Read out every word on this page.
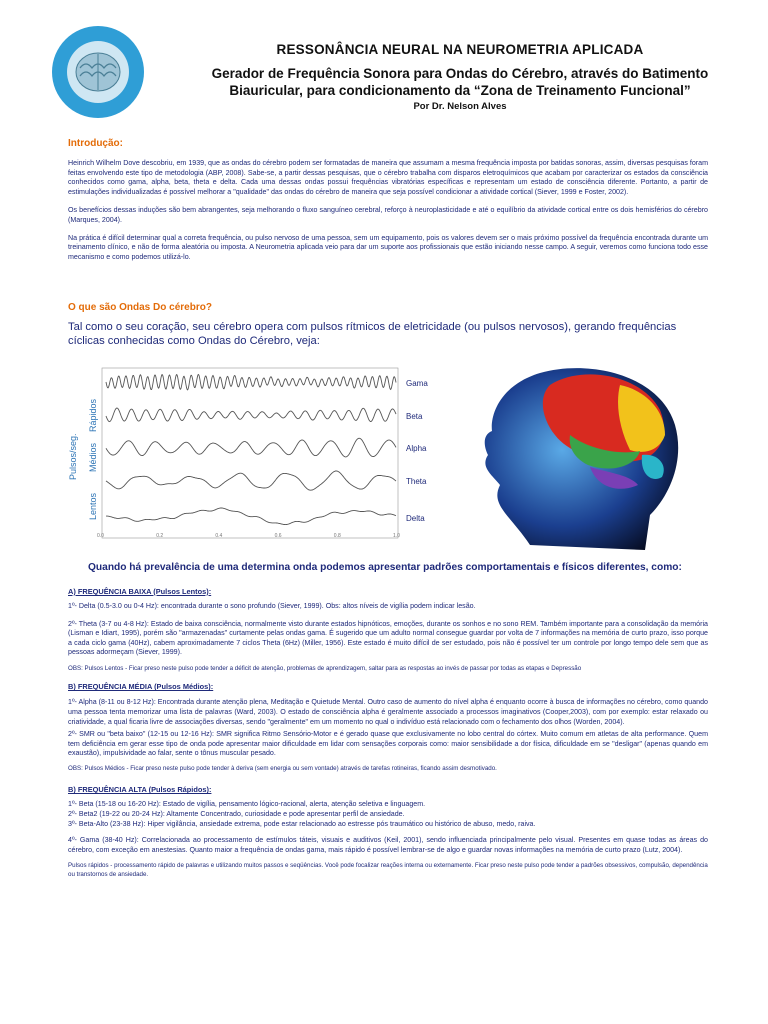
RESSONÂNCIA NEURAL NA NEUROMETRIA APLICADA
Gerador de Frequência Sonora para Ondas do Cérebro, através do Batimento
Biauricular, para condicionamento da “Zona de Treinamento Funcional”
Por Dr. Nelson Alves
Introdução:

Heinrich Wilhelm Dove descobriu, em 1939, que as ondas do cérebro podem ser formatadas de maneira que assumam a mesma frequência imposta por batidas sonoras, assim, diversas pesquisas foram feitas envolvendo este tipo de metodologia (ABP, 2008). Sabe-se, a partir dessas pesquisas, que o cérebro trabalha com disparos eletroquímicos que acabam por caracterizar os estados da consciência conhecidos como gama, alpha, beta, theta e delta. Cada uma dessas ondas possui frequências vibratórias específicas e representam um estado de consciência diferente. Portanto, a partir de estimulações individualizadas é possível melhorar a "qualidade" das ondas do cérebro de maneira que seja possível condicionar a atividade cortical (Siever, 1999 e Foster, 2002).

Os benefícios dessas induções são bem abrangentes, seja melhorando o fluxo sanguíneo cerebral, reforço à neuroplasticidade e até o equilíbrio da atividade cortical entre os dois hemisférios do cérebro (Marques, 2004).

Na prática é difícil determinar qual a correta frequência, ou pulso nervoso de uma pessoa, sem um equipamento, pois os valores devem ser o mais próximo possível da frequência encontrada durante um treinamento clínico, e não de forma aleatória ou imposta. A Neurometria aplicada veio para dar um suporte aos profissionais que estão iniciando nesse campo. A seguir, veremos como funciona todo esse mecanismo e como podemos utilizá-lo.

O que são Ondas Do cérebro?
Tal como o seu coração, seu cérebro opera com pulsos rítmicos de eletricidade (ou pulsos nervosos), gerando frequências cíclicas conhecidas como Ondas do Cérebro, veja:
Pulsos/seg.
Rápidos
Médios
Lentos
0.0	0.2	0.4	0.6	0.8	1.0
Gama
Beta
Alpha
Theta
Delta
Quando há prevalência de uma determina onda podemos apresentar padrões comportamentais e físicos diferentes, como:
A) FREQUÊNCIA BAIXA (Pulsos Lentos):

1º- Delta (0.5-3.0 ou 0-4 Hz): encontrada durante o sono profundo (Siever, 1999). Obs: altos níveis de vigília podem indicar lesão.

2º- Theta (3-7 ou 4-8 Hz): Estado de baixa consciência, normalmente visto durante estados hipnóticos, emoções, durante os sonhos e no sono REM. Também importante para a consolidação da memória (Lisman e Idiart, 1995), porém são "armazenadas" curtamente pelas ondas gama. É sugerido que um adulto normal consegue guardar por volta de 7 informações na memória de curto prazo, isso porque a cada ciclo gama (40Hz), cabem aproximadamente 7 ciclos Theta (6Hz) (Miller, 1956). Este estado é muito difícil de ser estudado, pois não é possível ter um controle por longo tempo dele sem que as pessoas adormeçam (Siever, 1999).

OBS: Pulsos Lentos - Ficar preso neste pulso pode tender a déficit de atenção, problemas de aprendizagem, saltar para as respostas ao invés de passar por todas as etapas e Depressão
B) FREQUÊNCIA MÉDIA (Pulsos Médios):

1º- Alpha (8-11 ou 8-12 Hz): Encontrada durante atenção plena, Meditação e Quietude Mental. Outro caso de aumento do nível alpha é enquanto ocorre à busca de informações no cérebro, como quando uma pessoa tenta memorizar uma lista de palavras (Ward, 2003). O estado de consciência alpha é geralmente associado a processos imaginativos (Cooper,2003), com por exemplo: estar relaxado ou criatividade, a qual ficaria livre de associações diversas, sendo "geralmente" em um momento no qual o indivíduo está relacionado com o fechamento dos olhos (Worden, 2004).

2º- SMR ou "beta baixo" (12-15 ou 12-16 Hz): SMR significa Ritmo Sensório-Motor e é gerado quase que exclusivamente no lobo central do córtex. Muito comum em atletas de alta performance. Quem tem deficiência em gerar esse tipo de onda pode apresentar maior dificuldade em lidar com sensações corporais como: maior sensibilidade a dor física, dificuldade em se "desligar" (apenas quando em exaustão), impulsividade ao falar, sente o tônus muscular pesado.

OBS: Pulsos Médios - Ficar preso neste pulso pode tender à deriva (sem energia ou sem vontade) através de tarefas rotineiras, ficando assim desmotivado.
B) FREQUÊNCIA ALTA (Pulsos Rápidos):

1º- Beta (15-18 ou 16-20 Hz): Estado de vigília, pensamento lógico-racional, alerta, atenção seletiva e linguagem.

2º- Beta2 (19-22 ou 20-24 Hz): Altamente Concentrado, curiosidade e pode apresentar perfil de ansiedade.

3º- Beta-Alto (23-38 Hz): Hiper vigilância, ansiedade extrema, pode estar relacionado ao estresse pós traumático ou histórico de abuso, medo, raiva.

4º- Gama (38-40 Hz): Correlacionada ao processamento de estímulos táteis, visuais e auditivos (Keil, 2001), sendo influenciada principalmente pelo visual. Presentes em quase todas as áreas do cérebro, com exceção em anestesias. Quanto maior a frequência de ondas gama, mais rápido é possível lembrar-se de algo e guardar novas informações na memória de curto prazo (Lutz, 2004).

Pulsos rápidos - processamento rápido de palavras e utilizando muitos passos e seqüências. Você pode focalizar reações interna ou externamente. Ficar preso neste pulso pode tender a padrões obsessivos, compulsão, dependência ou transtornos de ansiedade.
